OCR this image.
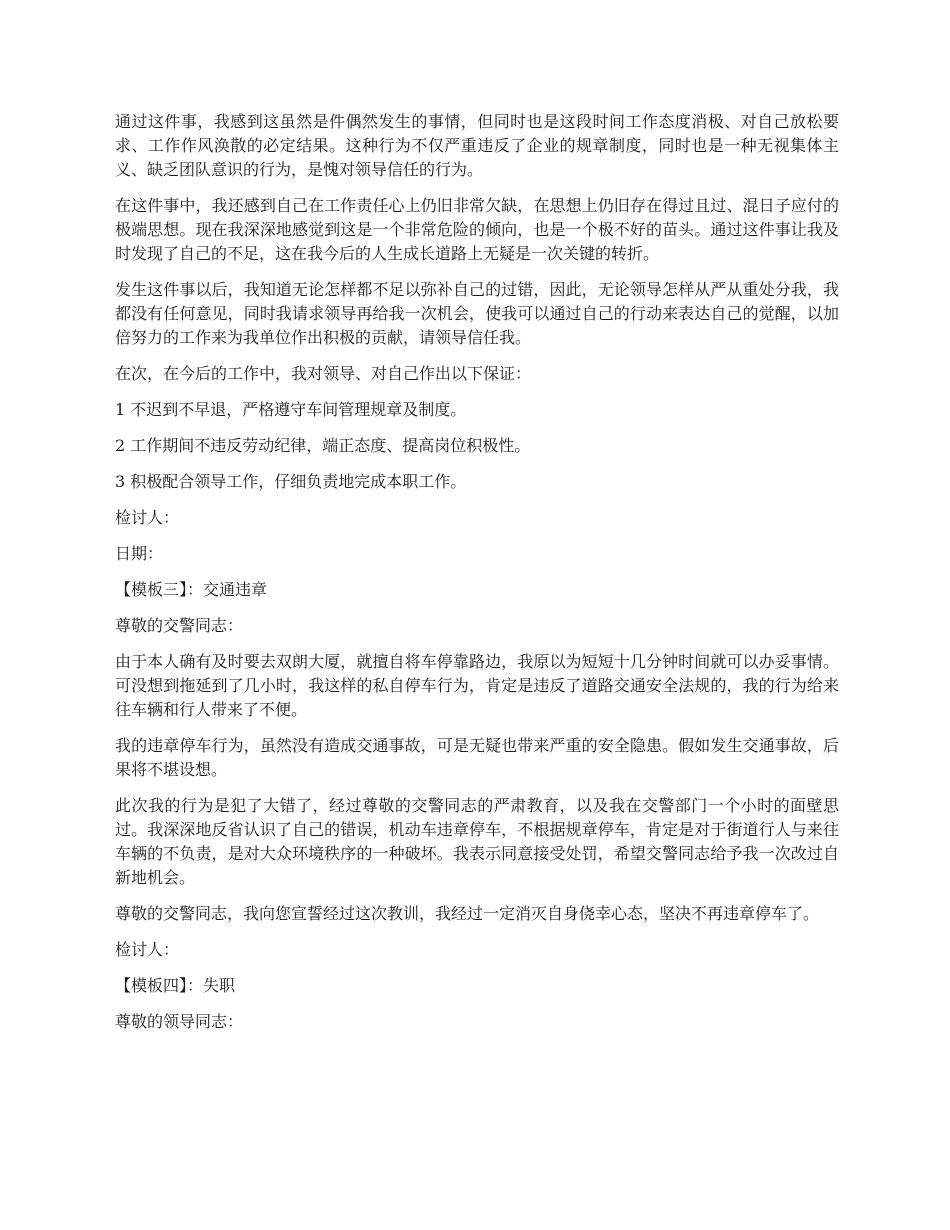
通过这件事，我感到这虽然是件偶然发生的事情，但同时也是这段时间工作态度消极、对自己放松要求、工作作风涣散的必定结果。这种行为不仅严重违反了企业的规章制度，同时也是一种无视集体主义、缺乏团队意识的行为，是愧对领导信任的行为。

在这件事中，我还感到自己在工作责任心上仍旧非常欠缺，在思想上仍旧存在得过且过、混日子应付的极端思想。现在我深深地感觉到这是一个非常危险的倾向，也是一个极不好的苗头。通过这件事让我及时发现了自己的不足，这在我今后的人生成长道路上无疑是一次关键的转折。

发生这件事以后，我知道无论怎样都不足以弥补自己的过错，因此，无论领导怎样从严从重处分我，我都没有任何意见，同时我请求领导再给我一次机会，使我可以通过自己的行动来表达自己的觉醒，以加倍努力的工作来为我单位作出积极的贡献，请领导信任我。

在次，在今后的工作中，我对领导、对自己作出以下保证：

1 不迟到不早退，严格遵守车间管理规章及制度。

2 工作期间不违反劳动纪律，端正态度、提高岗位积极性。

3 积极配合领导工作，仔细负责地完成本职工作。

检讨人：

日期：

【模板三】：交通违章

尊敬的交警同志：

由于本人确有及时要去双朗大厦，就擅自将车停靠路边，我原以为短短十几分钟时间就可以办妥事情。可没想到拖延到了几小时，我这样的私自停车行为，肯定是违反了道路交通安全法规的，我的行为给来往车辆和行人带来了不便。

我的违章停车行为，虽然没有造成交通事故，可是无疑也带来严重的安全隐患。假如发生交通事故，后果将不堪设想。

此次我的行为是犯了大错了，经过尊敬的交警同志的严肃教育，以及我在交警部门一个小时的面壁思过。我深深地反省认识了自己的错误，机动车违章停车，不根据规章停车，肯定是对于街道行人与来往车辆的不负责，是对大众环境秩序的一种破坏。我表示同意接受处罚，希望交警同志给予我一次改过自新地机会。

尊敬的交警同志，我向您宣誓经过这次教训，我经过一定消灭自身侥幸心态，坚决不再违章停车了。

检讨人：

【模板四】：失职

尊敬的领导同志：
